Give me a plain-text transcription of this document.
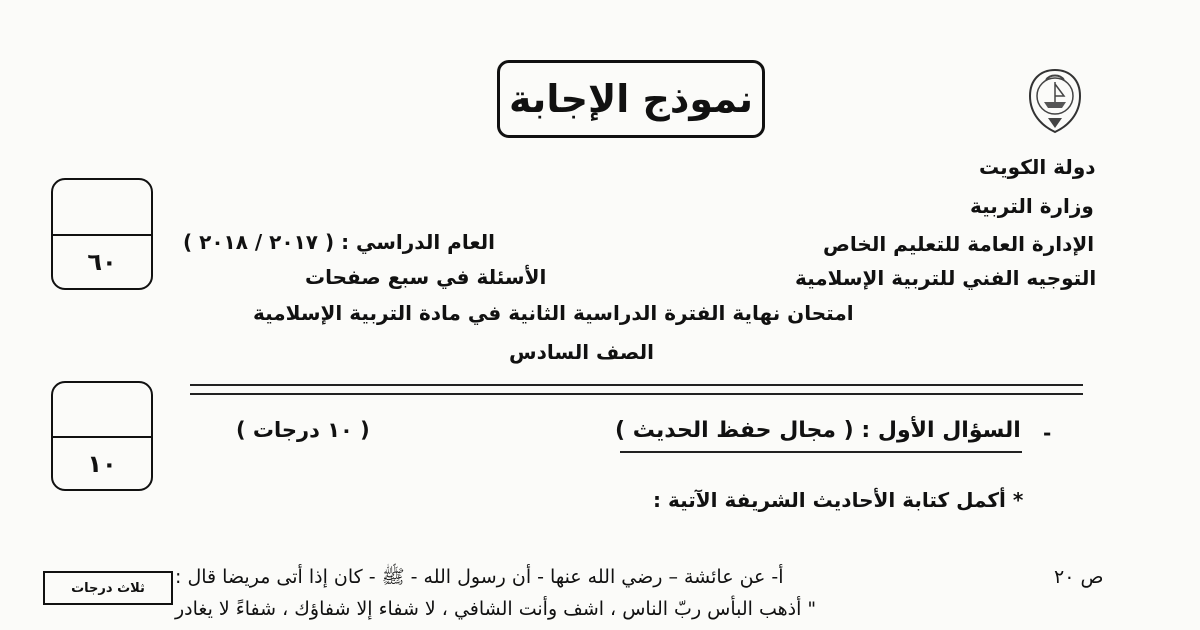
نموذج الإجابة
دولة الكويت
وزارة التربية
الإدارة العامة للتعليم الخاص
التوجيه الفني للتربية الإسلامية
العام الدراسي : ( ٢٠١٧ / ٢٠١٨ )
الأسئلة في سبع صفحات
امتحان نهاية الفترة الدراسية الثانية في مادة التربية الإسلامية
الصف السادس
٦٠
١٠
-
السؤال الأول : ( مجال حفظ الحديث )
( ١٠ درجات )
* أكمل كتابة الأحاديث الشريفة الآتية :
ص ٢٠
أ- عن عائشة – رضي الله عنها - أن رسول الله - ﷺ - كان إذا أتى مريضا قال :
" أذهب البأس ربّ الناس ، اشف وأنت الشافي ، لا شفاء إلا شفاؤك ، شفاءً لا يغادر
ثلاث درجات
